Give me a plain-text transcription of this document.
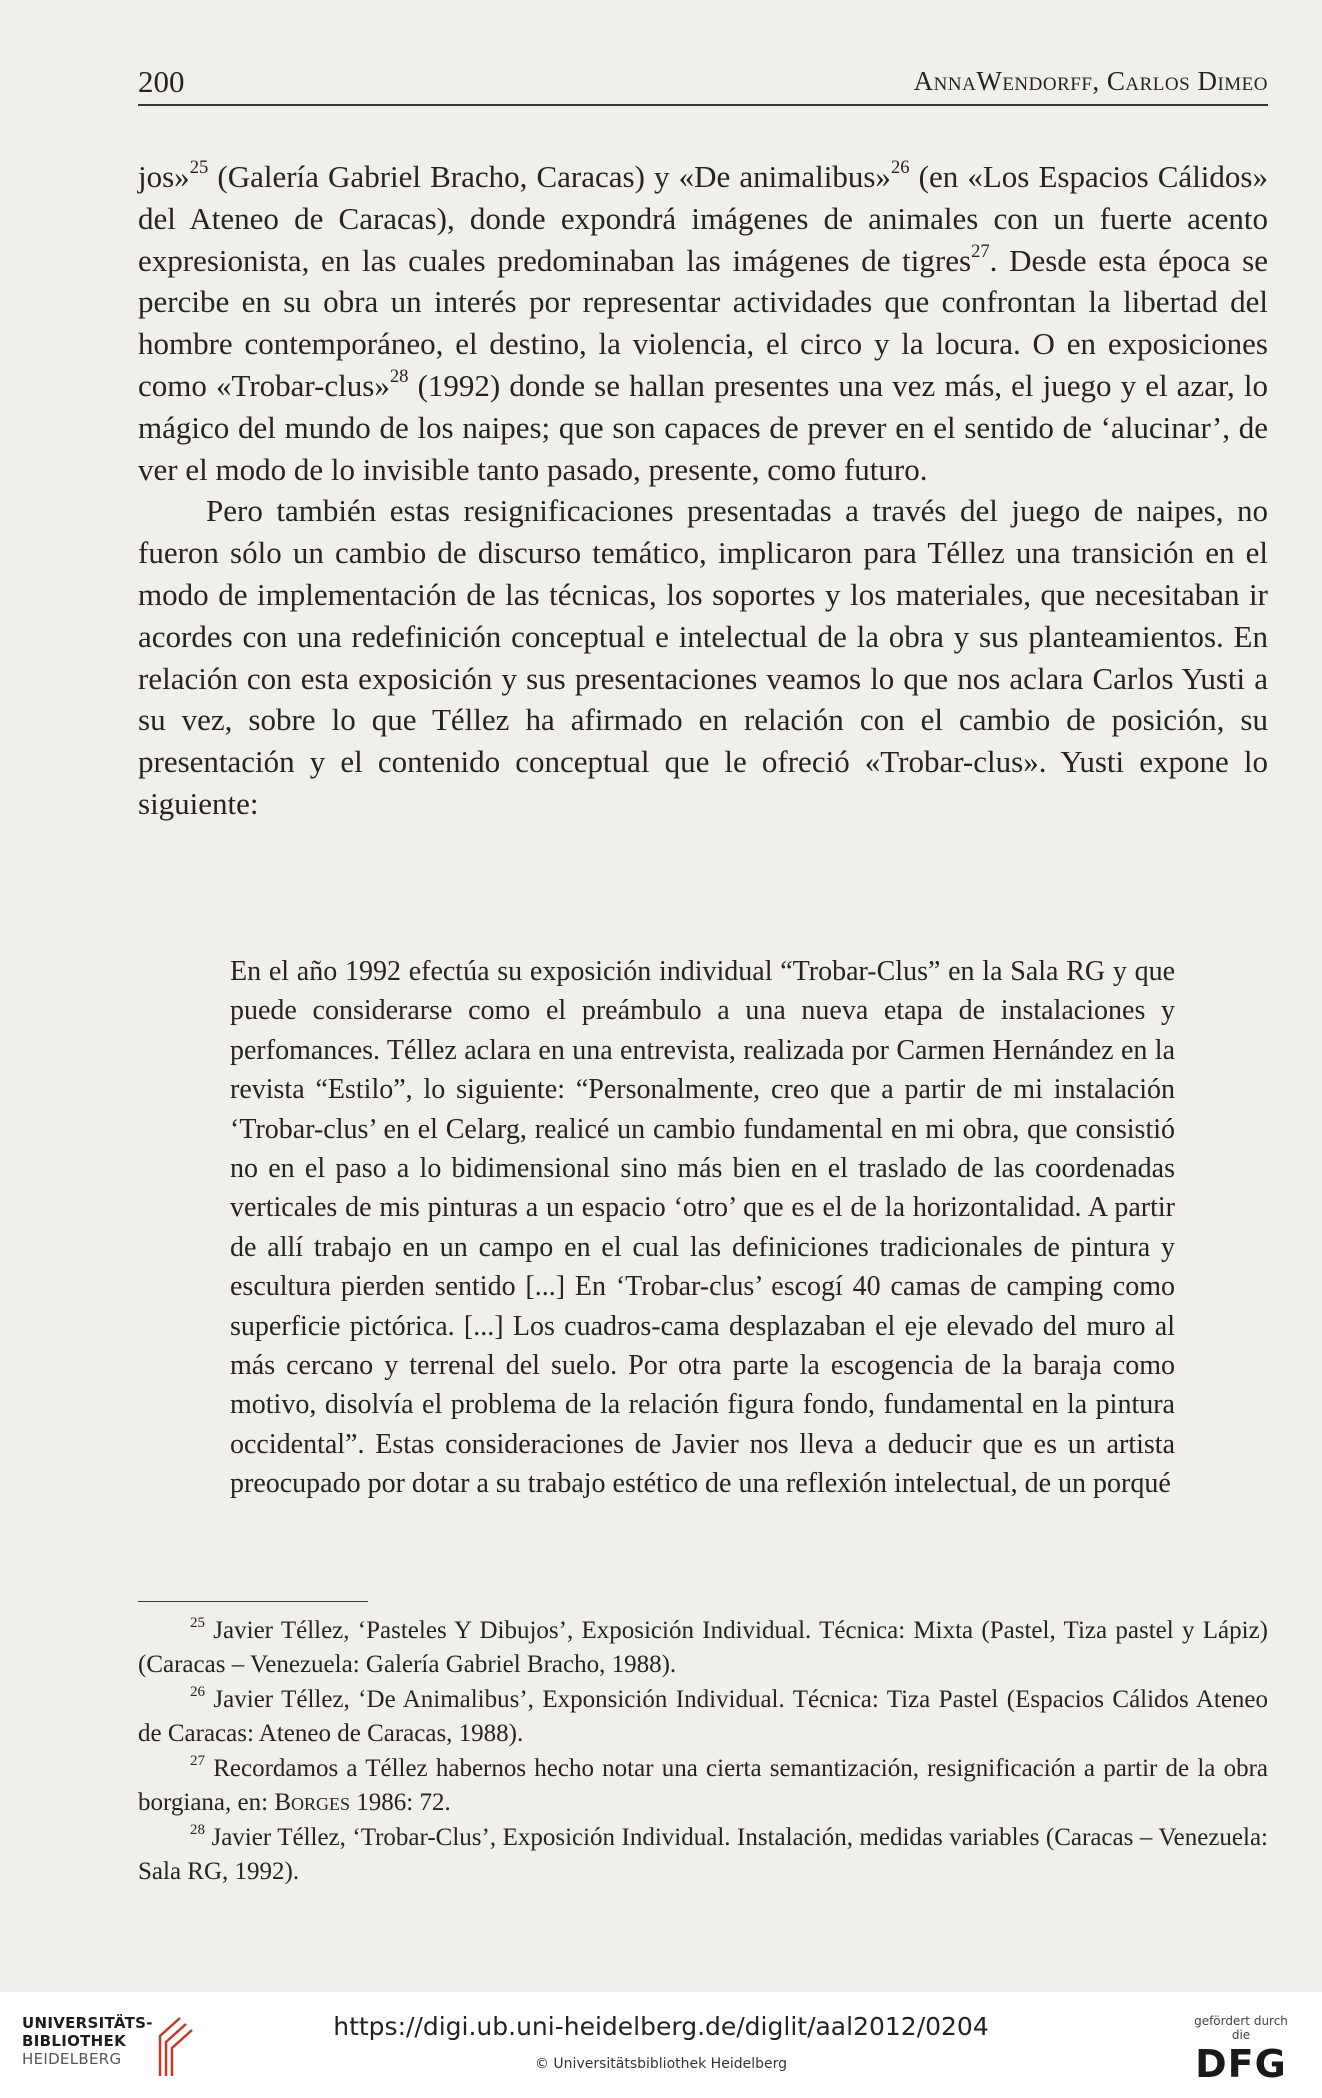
200	AnnaWendorff, Carlos Dimeo

jos»$^{25}$ (Galería Gabriel Bracho, Caracas) y «De animalibus»$^{26}$ (en «Los Espacios Cálidos» del Ateneo de Caracas), donde expondrá imágenes de animales con un fuerte acento expresionista, en las cuales predominaban las imágenes de tigres$^{27}$. Desde esta época se percibe en su obra un interés por representar actividades que confrontan la libertad del hombre contemporáneo, el destino, la violencia, el circo y la locura. O en exposiciones como «Trobar-clus»$^{28}$ (1992) donde se hallan presentes una vez más, el juego y el azar, lo mágico del mundo de los naipes; que son capaces de prever en el sentido de ‘alucinar’, de ver el modo de lo invisible tanto pasado, presente, como futuro.

Pero también estas resignificaciones presentadas a través del juego de naipes, no fueron sólo un cambio de discurso temático, implicaron para Téllez una transición en el modo de implementación de las técnicas, los soportes y los materiales, que necesitaban ir acordes con una redefinición conceptual e intelectual de la obra y sus planteamientos. En relación con esta exposición y sus presentaciones veamos lo que nos aclara Carlos Yusti a su vez, sobre lo que Téllez ha afirmado en relación con el cambio de posición, su presentación y el contenido conceptual que le ofreció «Trobar-clus». Yusti expone lo siguiente:

En el año 1992 efectúa su exposición individual “Trobar-Clus” en la Sala RG y que puede considerarse como el preámbulo a una nueva etapa de instalaciones y perfomances. Téllez aclara en una entrevista, realizada por Carmen Hernández en la revista “Estilo”, lo siguiente: “Personalmente, creo que a partir de mi instalación ‘Trobar-clus’ en el Celarg, realicé un cambio fundamental en mi obra, que consistió no en el paso a lo bidimensional sino más bien en el traslado de las coordenadas verticales de mis pinturas a un espacio ‘otro’ que es el de la horizontalidad. A partir de allí trabajo en un campo en el cual las definiciones tradicionales de pintura y escultura pierden sentido [...] En ‘Trobar-clus’ escogí 40 camas de camping como superficie pictórica. [...] Los cuadros-cama desplazaban el eje elevado del muro al más cercano y terrenal del suelo. Por otra parte la escogencia de la baraja como motivo, disolvía el problema de la relación figura fondo, fundamental en la pintura occidental”. Estas consideraciones de Javier nos lleva a deducir que es un artista preocupado por dotar a su trabajo estético de una reflexión intelectual, de un porqué

$^{25}$ Javier Téllez, ‘Pasteles Y Dibujos’, Exposición Individual. Técnica: Mixta (Pastel, Tiza pastel y Lápiz) (Caracas – Venezuela: Galería Gabriel Bracho, 1988).

$^{26}$ Javier Téllez, ‘De Animalibus’, Exponsición Individual. Técnica: Tiza Pastel (Espacios Cálidos Ateneo de Caracas: Ateneo de Caracas, 1988).

$^{27}$ Recordamos a Téllez habernos hecho notar una cierta semantización, resignificación a partir de la obra borgiana, en: Borges 1986: 72.

$^{28}$ Javier Téllez, ‘Trobar-Clus’, Exposición Individual. Instalación, medidas variables (Caracas – Venezuela: Sala RG, 1992).

UNIVERSITÄTS-
BIBLIOTHEK
HEIDELBERG
https://digi.ub.uni-heidelberg.de/diglit/aal2012/0204
© Universitätsbibliothek Heidelberg
gefördert durch die
DFG
